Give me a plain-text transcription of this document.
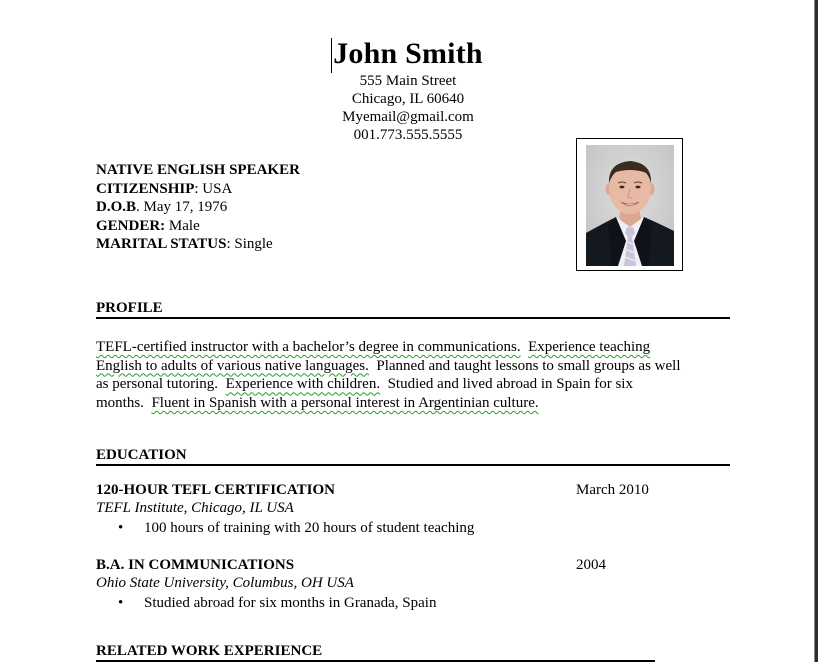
John Smith
555 Main Street
Chicago, IL 60640
Myemail@gmail.com
001.773.555.5555
NATIVE ENGLISH SPEAKER
CITIZENSHIP: USA
D.O.B. May 17, 1976
GENDER: Male
MARITAL STATUS: Single
PROFILE
TEFL-certified instructor with a bachelor’s degree in communications. Experience teaching
English to adults of various native languages.  Planned and taught lessons to small groups as well
as personal tutoring.  Experience with children.  Studied and lived abroad in Spain for six
months.  Fluent in Spanish with a personal interest in Argentinian culture.
EDUCATION
120-HOUR TEFL CERTIFICATION	March 2010
TEFL Institute, Chicago, IL USA
• 100 hours of training with 20 hours of student teaching
B.A. IN COMMUNICATIONS	2004
Ohio State University, Columbus, OH USA
• Studied abroad for six months in Granada, Spain
RELATED WORK EXPERIENCE
